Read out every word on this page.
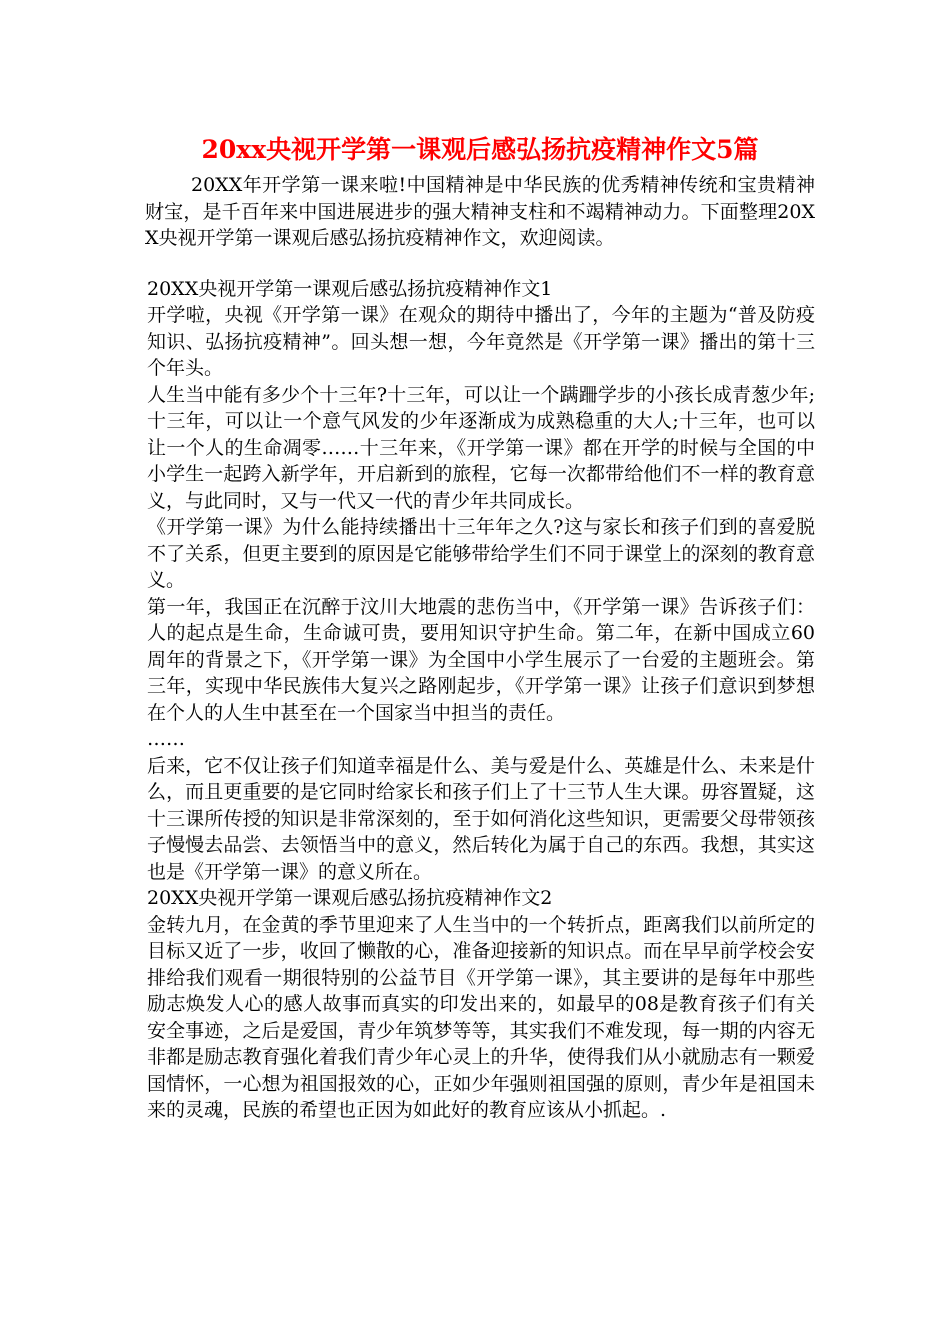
20xx央视开学第一课观后感弘扬抗疫精神作文5篇

20XX年开学第一课来啦!中国精神是中华民族的优秀精神传统和宝贵精神财宝，是千百年来中国进展进步的强大精神支柱和不竭精神动力。下面整理20XX央视开学第一课观后感弘扬抗疫精神作文，欢迎阅读。

20XX央视开学第一课观后感弘扬抗疫精神作文1

开学啦，央视《开学第一课》在观众的期待中播出了，今年的主题为“普及防疫知识、弘扬抗疫精神”。回头想一想，今年竟然是《开学第一课》播出的第十三个年头。

人生当中能有多少个十三年?十三年，可以让一个蹒跚学步的小孩长成青葱少年;十三年，可以让一个意气风发的少年逐渐成为成熟稳重的大人;十三年，也可以让一个人的生命凋零……十三年来，《开学第一课》都在开学的时候与全国的中小学生一起跨入新学年，开启新到的旅程，它每一次都带给他们不一样的教育意义，与此同时，又与一代又一代的青少年共同成长。

《开学第一课》为什么能持续播出十三年年之久?这与家长和孩子们到的喜爱脱不了关系，但更主要到的原因是它能够带给学生们不同于课堂上的深刻的教育意义。

第一年，我国正在沉醉于汶川大地震的悲伤当中，《开学第一课》告诉孩子们：人的起点是生命，生命诚可贵，要用知识守护生命。第二年，在新中国成立60周年的背景之下，《开学第一课》为全国中小学生展示了一台爱的主题班会。第三年，实现中华民族伟大复兴之路刚起步，《开学第一课》让孩子们意识到梦想在个人的人生中甚至在一个国家当中担当的责任。

……

后来，它不仅让孩子们知道幸福是什么、美与爱是什么、英雄是什么、未来是什么，而且更重要的是它同时给家长和孩子们上了十三节人生大课。毋容置疑，这十三课所传授的知识是非常深刻的，至于如何消化这些知识，更需要父母带领孩子慢慢去品尝、去领悟当中的意义，然后转化为属于自己的东西。我想，其实这也是《开学第一课》的意义所在。

20XX央视开学第一课观后感弘扬抗疫精神作文2

金转九月，在金黄的季节里迎来了人生当中的一个转折点，距离我们以前所定的目标又近了一步，收回了懒散的心，准备迎接新的知识点。而在早早前学校会安排给我们观看一期很特别的公益节目《开学第一课》，其主要讲的是每年中那些励志焕发人心的感人故事而真实的印发出来的，如最早的08是教育孩子们有关安全事迹，之后是爱国，青少年筑梦等等，其实我们不难发现，每一期的内容无非都是励志教育强化着我们青少年心灵上的升华，使得我们从小就励志有一颗爱国情怀，一心想为祖国报效的心，正如少年强则祖国强的原则，青少年是祖国未来的灵魂，民族的希望也正因为如此好的教育应该从小抓起。.
